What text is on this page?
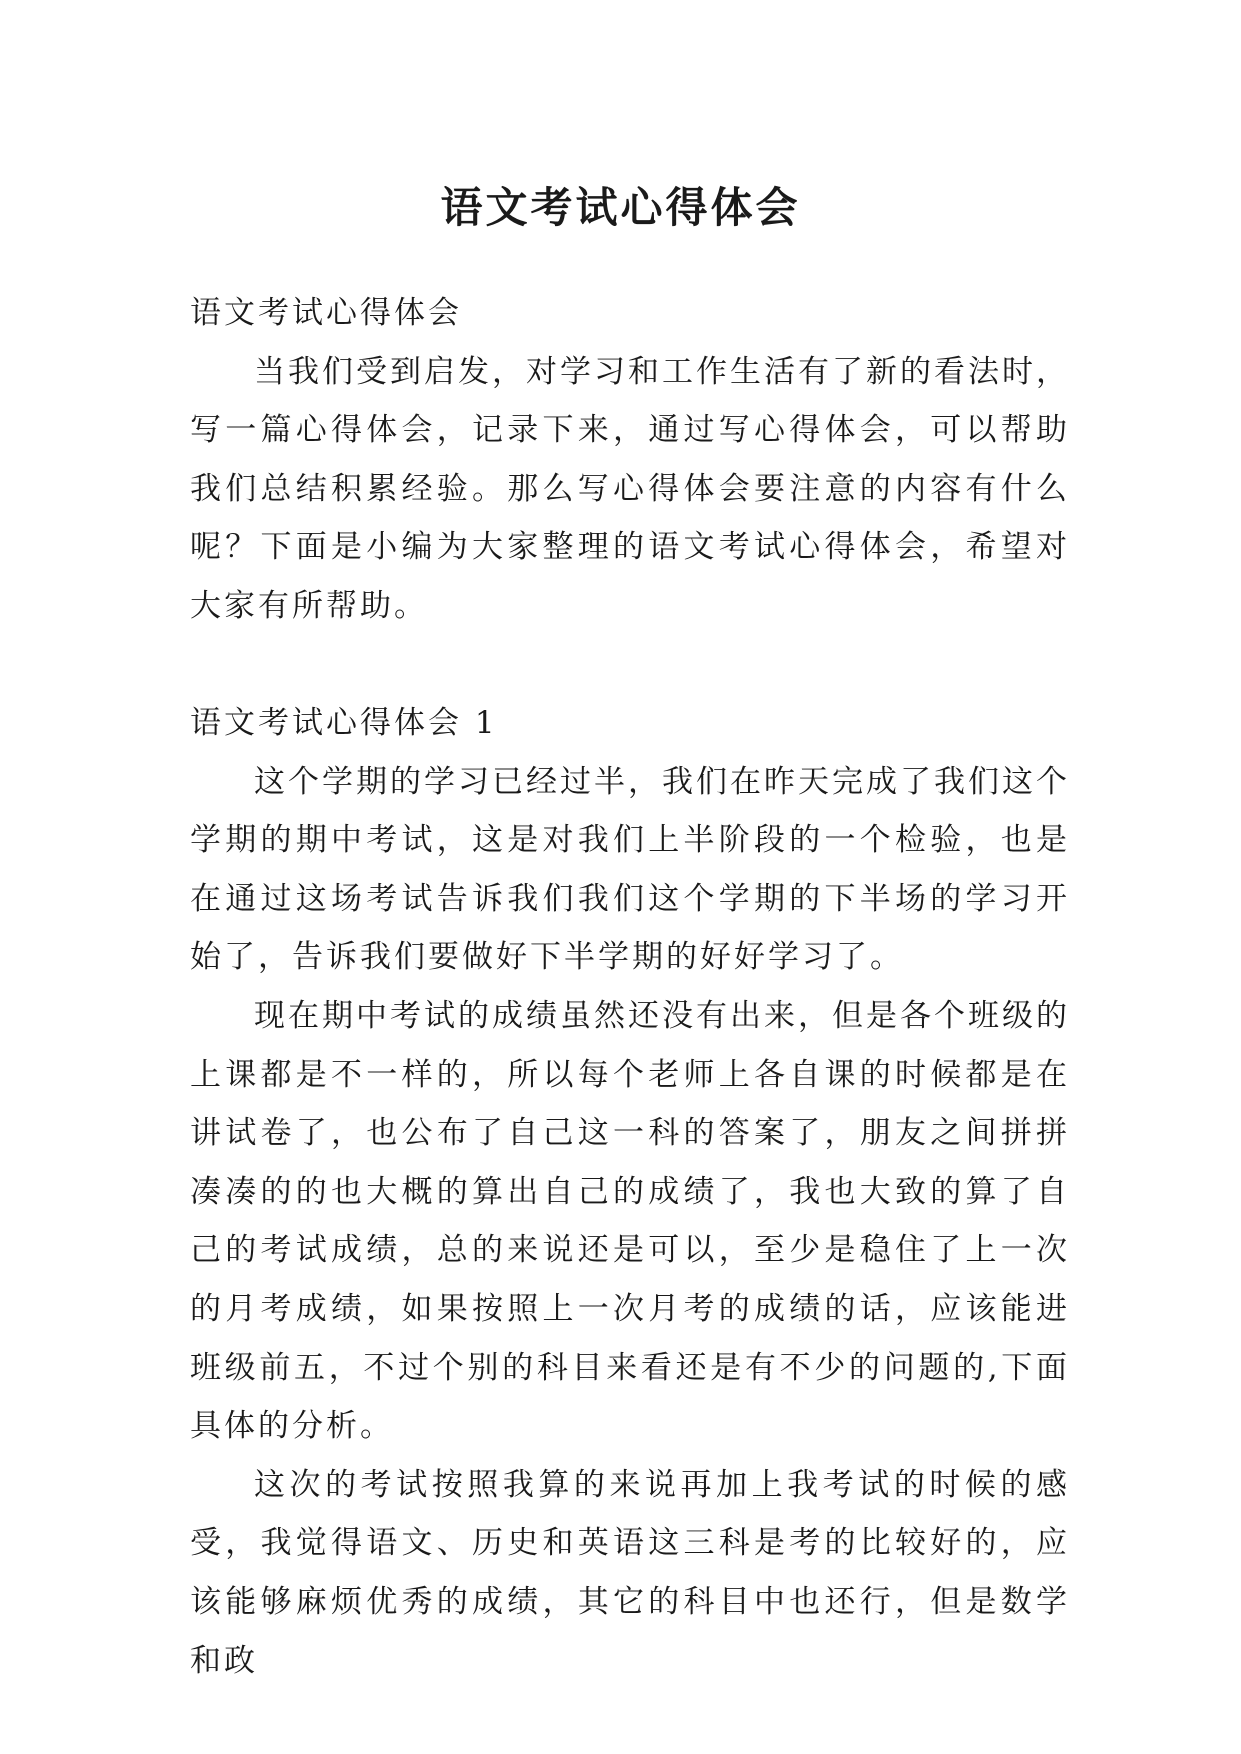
语文考试心得体会

语文考试心得体会

当我们受到启发，对学习和工作生活有了新的看法时，写一篇心得体会，记录下来，通过写心得体会，可以帮助我们总结积累经验。那么写心得体会要注意的内容有什么呢？下面是小编为大家整理的语文考试心得体会，希望对大家有所帮助。

语文考试心得体会 1

这个学期的学习已经过半，我们在昨天完成了我们这个学期的期中考试，这是对我们上半阶段的一个检验，也是在通过这场考试告诉我们我们这个学期的下半场的学习开始了，告诉我们要做好下半学期的好好学习了。

现在期中考试的成绩虽然还没有出来，但是各个班级的上课都是不一样的，所以每个老师上各自课的时候都是在讲试卷了，也公布了自己这一科的答案了，朋友之间拼拼凑凑的的也大概的算出自己的成绩了，我也大致的算了自己的考试成绩，总的来说还是可以，至少是稳住了上一次的月考成绩，如果按照上一次月考的成绩的话，应该能进班级前五，不过个别的科目来看还是有不少的问题的,下面具体的分析。

这次的考试按照我算的来说再加上我考试的时候的感受，我觉得语文、历史和英语这三科是考的比较好的，应该能够麻烦优秀的成绩，其它的科目中也还行，但是数学和政
